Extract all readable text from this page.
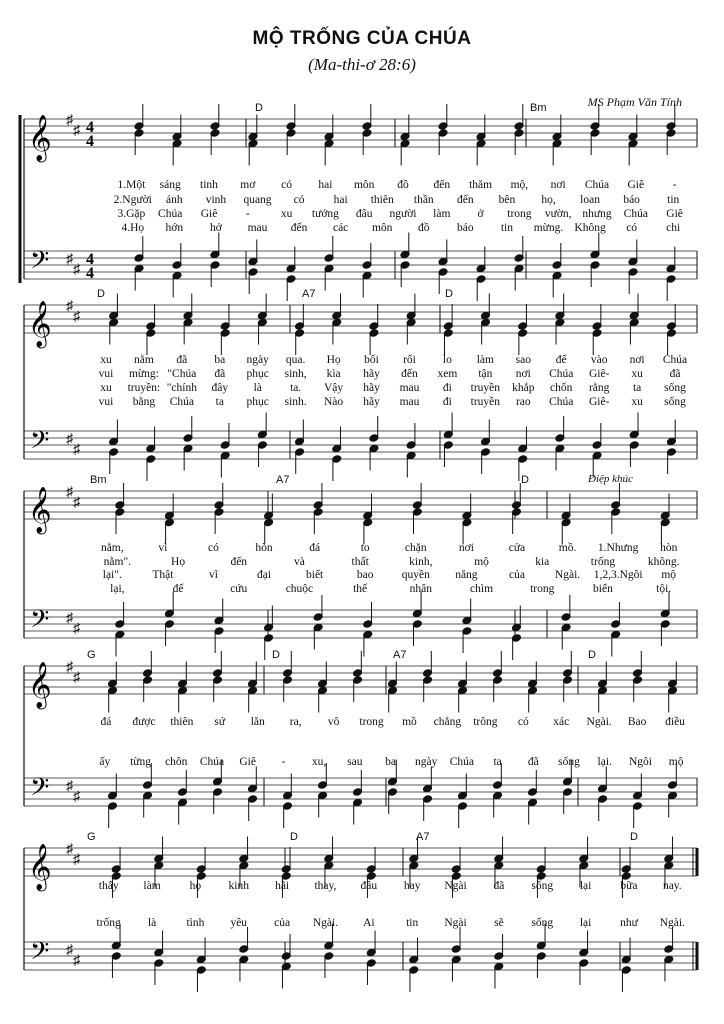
MỘ TRỐNG CỦA CHÚA
(Ma-thi-ơ 28:6)
MS Phạm Văn Tính
𝄞 ♯
♯ 4
4
𝄢 ♯
♯
4
4
D	Bm
1.Một sáng tinh mơ có hai môn đồ đến thăm mộ, nơi Chúa Giê -
2.Người ánh vinh quang có	hai thiên thần đến bên họ, loan báo tin
3.Gặp Chúa Giê -	xu tưởng đâu người làm ở trong vườn, nhưng Chúa Giê
4.Họ hớn hở mau đến các môn đồ báo tin mừng. Không có	chi
𝄞 ♯
♯
𝄢 ♯
♯
D	A7	D
xu nằm đã ba ngày qua. Họ bối rối lo làm sao để vào nơi Chúa
vui mừng: "Chúa đã phục sinh, kìa hãy đến xem tận nơi Chúa Giê- xu đã
xu truyền: "chính đây là ta. Vậy hãy mau đi truyền khắp chốn rằng ta sống
vui bằng Chúa ta phục sinh. Nào hãy mau đi truyền rao Chúa Giê- xu sống
𝄞 ♯
♯
𝄢 ♯
♯
Bm	A7	D	Điệp khúc
nằm,	vì	có	hòn	đá	to	chặn	nơi	cửa	mồ. 1.Nhưng hòn
nằm".	Họ	đến	và	thất	kinh,	mộ	kia	trống	không.
lại".	Thật	vĩ	đại	biết	bao quyền năng	của	Ngài. 1,2,3.Ngôi mộ
lại,	để	cứu	chuộc	thế	nhân	chìm	trong	biển	tội.
𝄞 ♯
♯
𝄢 ♯
♯
G	D	A7	D
đá được thiên sứ lăn ra, vô trong mồ chẳng trông có xác Ngài. Bao điều
ấy từng chôn Chúa Giê - xu, sau ba ngày Chúa ta đã sống lại. Ngôi mộ
𝄞 ♯
♯
𝄢 ♯
♯
G	D	A7	D
thấy làm	họ kinh hãi thay, đâu hay Ngài đã sống lại	bữa nay.
trống là	tình yêu của Ngài. Ai	tin Ngài sẽ sống lại như Ngài.
